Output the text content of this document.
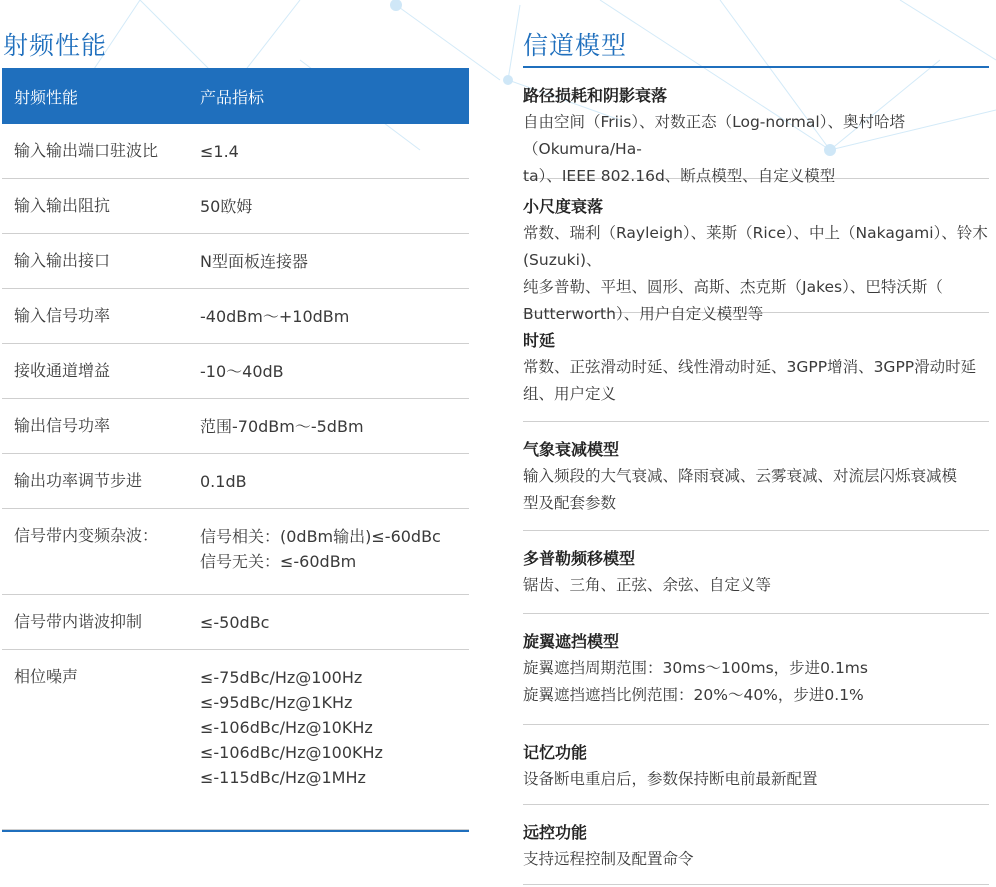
射频性能	信道模型
射频性能	产品指标
输入输出端口驻波比	≤1.4
输入输出阻抗	50欧姆
输入输出接口	N型面板连接器
输入信号功率	-40dBm～+10dBm
接收通道增益	-10～40dB
输出信号功率	范围-70dBm～-5dBm
输出功率调节步进	0.1dB
信号带内变频杂波：	信号相关：(0dBm输出)≤-60dBc
信号无关：≤-60dBm
信号带内谐波抑制	≤-50dBc
相位噪声	≤-75dBc/Hz@100Hz
≤-95dBc/Hz@1KHz
≤-106dBc/Hz@10KHz
≤-106dBc/Hz@100KHz
≤-115dBc/Hz@1MHz
路径损耗和阴影衰落
自由空间（Friis）、对数正态（Log-normal）、奥村哈塔（Okumura/Ha-
ta）、IEEE 802.16d、断点模型、自定义模型
小尺度衰落
常数、瑞利（Rayleigh）、莱斯（Rice）、中上（Nakagami）、铃木(Suzuki)、
纯多普勒、平坦、圆形、高斯、杰克斯（Jakes）、巴特沃斯（
Butterworth）、用户自定义模型等
时延
常数、正弦滑动时延、线性滑动时延、3GPP增消、3GPP滑动时延
组、用户定义
气象衰减模型
输入频段的大气衰减、降雨衰减、云雾衰减、对流层闪烁衰减模
型及配套参数
多普勒频移模型
锯齿、三角、正弦、余弦、自定义等
旋翼遮挡模型
旋翼遮挡周期范围：30ms～100ms，步进0.1ms
旋翼遮挡遮挡比例范围：20%～40%，步进0.1%
记忆功能
设备断电重启后，参数保持断电前最新配置
远控功能
支持远程控制及配置命令
